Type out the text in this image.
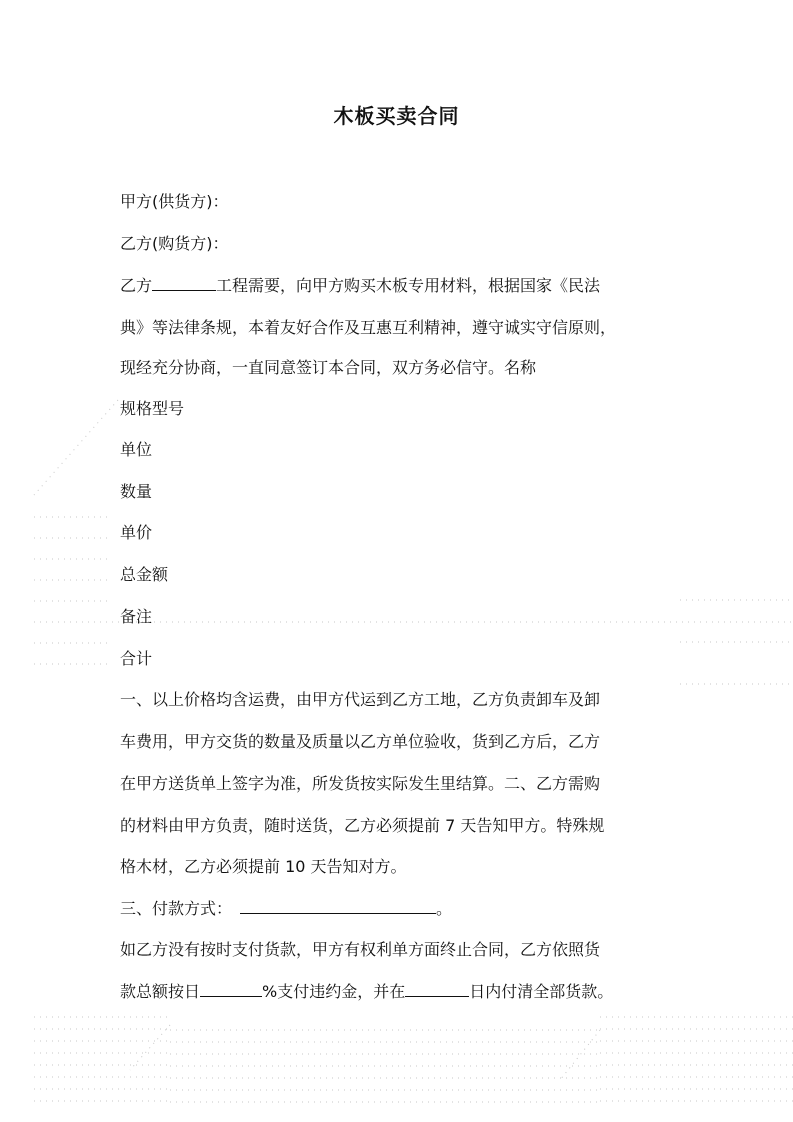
木板买卖合同
甲方(供货方)：
乙方(购货方)：
乙方	工程需要，向甲方购买木板专用材料，根据国家《民法
典》等法律条规，本着友好合作及互惠互利精神，遵守诚实守信原则，
现经充分协商，一直同意签订本合同，双方务必信守。名称
规格型号
单位
数量
单价
总金额
备注
合计
一、以上价格均含运费，由甲方代运到乙方工地，乙方负责卸车及卸
车费用，甲方交货的数量及质量以乙方单位验收，货到乙方后，乙方
在甲方送货单上签字为准，所发货按实际发生里结算。二、乙方需购
的材料由甲方负责，随时送货，乙方必须提前 7 天告知甲方。特殊规
格木材，乙方必须提前 10 天告知对方。
三、付款方式：	。
如乙方没有按时支付货款，甲方有权利单方面终止合同，乙方依照货
款总额按日	%支付违约金，并在	日内付清全部货款。
